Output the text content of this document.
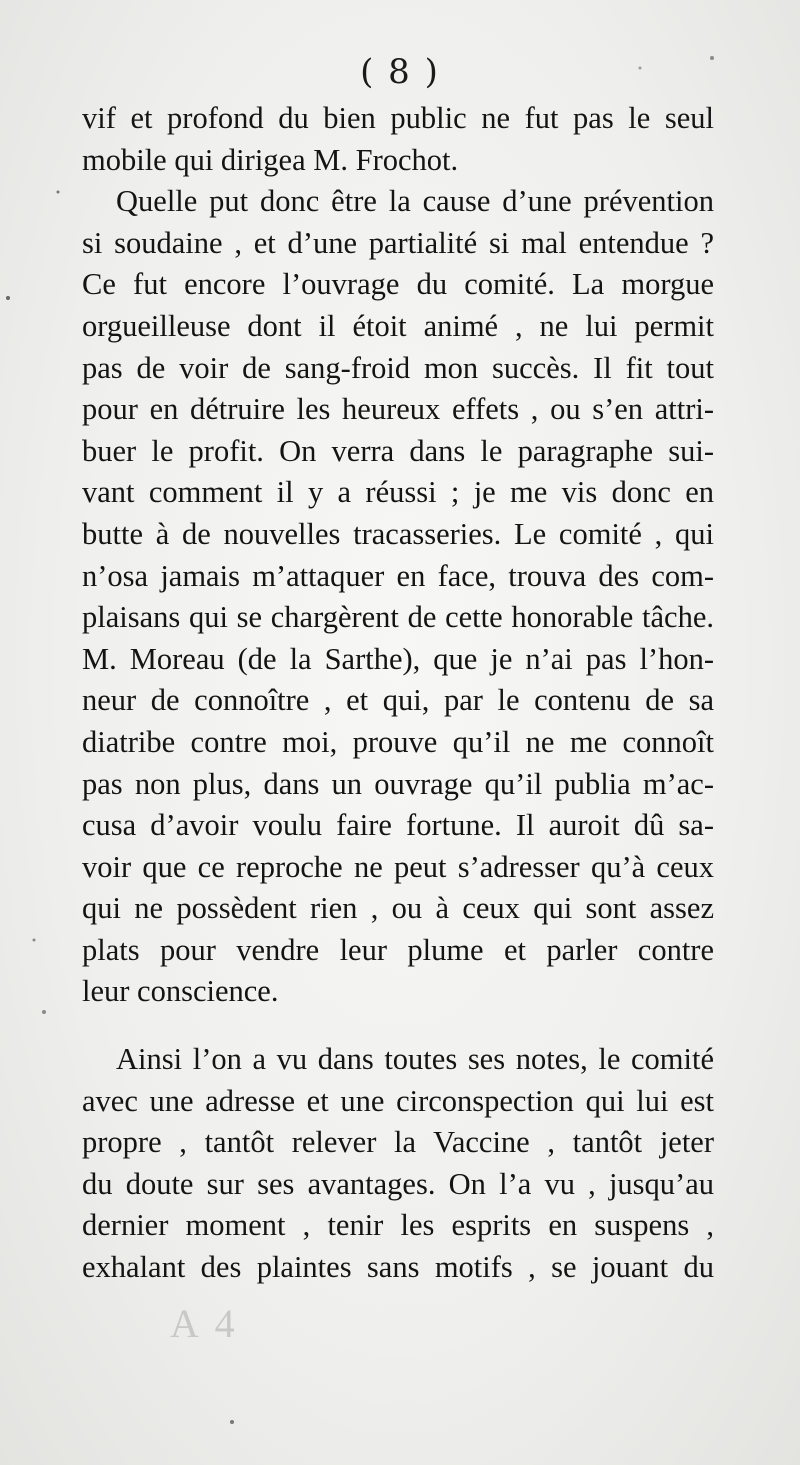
( 8 )
vif et profond du bien public ne fut pas le seul
mobile qui dirigea M. Frochot.
Quelle put donc être la cause d’une prévention
si soudaine , et d’une partialité si mal entendue ?
Ce fut encore l’ouvrage du comité. La morgue
orgueilleuse dont il étoit animé , ne lui permit
pas de voir de sang-froid mon succès. Il fit tout
pour en détruire les heureux effets , ou s’en attri-
buer le profit. On verra dans le paragraphe sui-
vant comment il y a réussi ; je me vis donc en
butte à de nouvelles tracasseries. Le comité , qui
n’osa jamais m’attaquer en face, trouva des com-
plaisans qui se chargèrent de cette honorable tâche.
M. Moreau (de la Sarthe), que je n’ai pas l’hon-
neur de connoître , et qui, par le contenu de sa
diatribe contre moi, prouve qu’il ne me connoît
pas non plus, dans un ouvrage qu’il publia m’ac-
cusa d’avoir voulu faire fortune. Il auroit dû sa-
voir que ce reproche ne peut s’adresser qu’à ceux
qui ne possèdent rien , ou à ceux qui sont assez
plats pour vendre leur plume et parler contre
leur conscience.
Ainsi l’on a vu dans toutes ses notes, le comité
avec une adresse et une circonspection qui lui est
propre , tantôt relever la Vaccine , tantôt jeter
du doute sur ses avantages. On l’a vu , jusqu’au
dernier moment , tenir les esprits en suspens ,
exhalant des plaintes sans motifs , se jouant du
A 4
